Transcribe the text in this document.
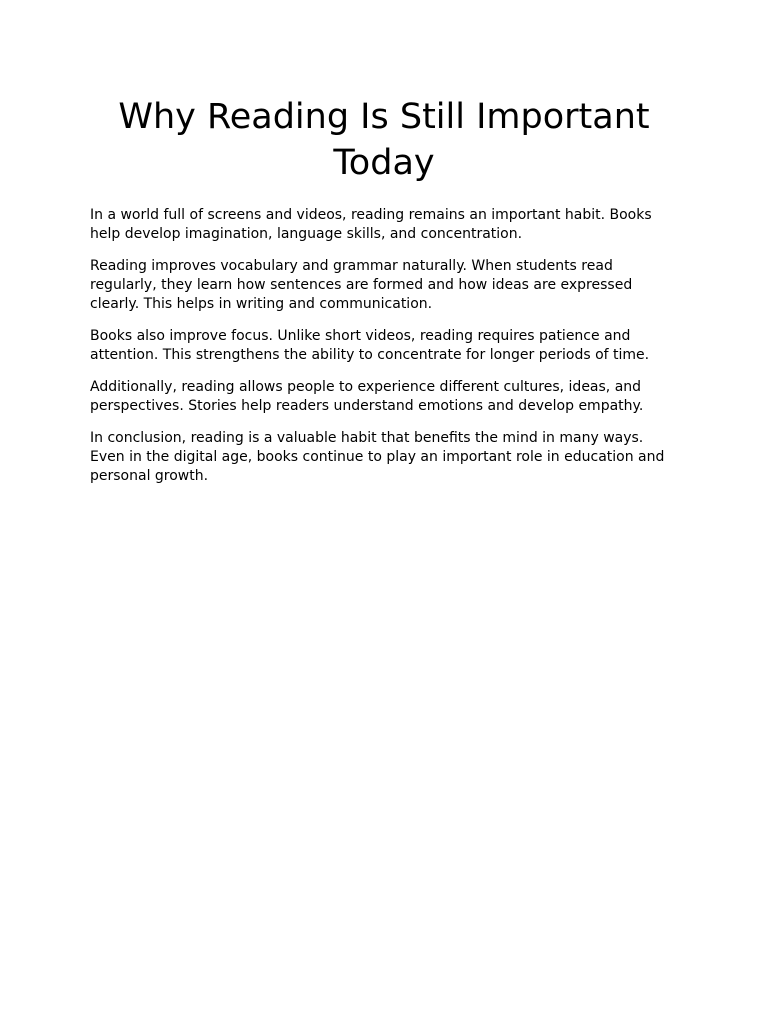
Why Reading Is Still Important Today

In a world full of screens and videos, reading remains an important habit. Books help develop imagination, language skills, and concentration.

Reading improves vocabulary and grammar naturally. When students read regularly, they learn how sentences are formed and how ideas are expressed clearly. This helps in writing and communication.

Books also improve focus. Unlike short videos, reading requires patience and attention. This strengthens the ability to concentrate for longer periods of time.

Additionally, reading allows people to experience different cultures, ideas, and perspectives. Stories help readers understand emotions and develop empathy.

In conclusion, reading is a valuable habit that benefits the mind in many ways. Even in the digital age, books continue to play an important role in education and personal growth.
